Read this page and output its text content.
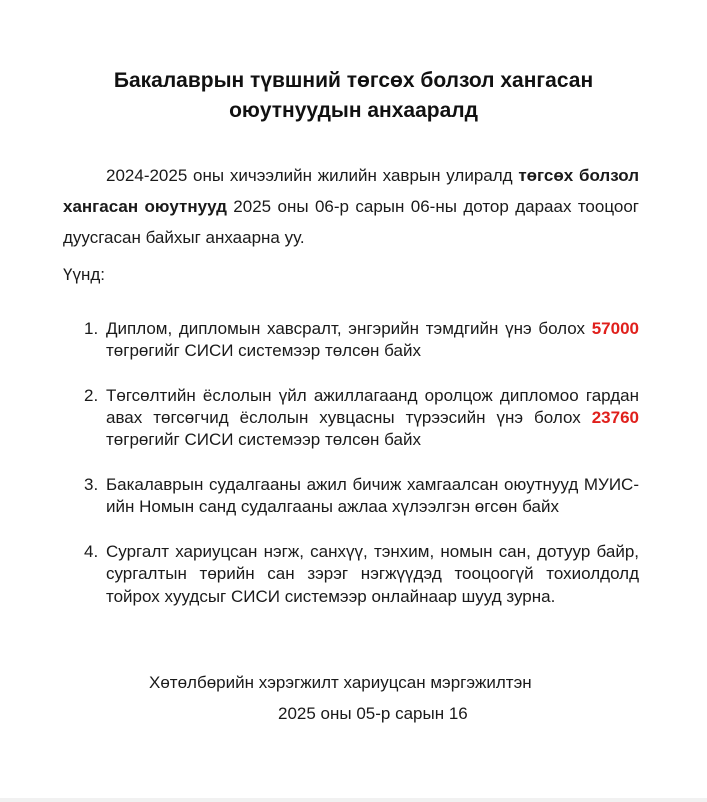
Бакалаврын түвшний төгсөх болзол хангасан
оюутнуудын анхааралд

2024-2025 оны хичээлийн жилийн хаврын улиралд төгсөх болзол хангасан оюутнууд 2025 оны 06-р сарын 06-ны дотор дараах тооцоог дуусгасан байхыг анхаарна уу.

Үүнд:
1. Диплом, дипломын хавсралт, энгэрийн тэмдгийн үнэ болох 57000 төгрөгийг СИСИ системээр төлсөн байх
2. Төгсөлтийн ёслолын үйл ажиллагаанд оролцож дипломоо гардан авах төгсөгчид ёслолын хувцасны түрээсийн үнэ болох 23760 төгрөгийг СИСИ системээр төлсөн байх
3. Бакалаврын судалгааны ажил бичиж хамгаалсан оюутнууд МУИС-ийн Номын санд судалгааны ажлаа хүлээлгэн өгсөн байх
4. Сургалт хариуцсан нэгж, санхүү, тэнхим, номын сан, дотуур байр, сургалтын төрийн сан зэрэг нэгжүүдэд тооцоогүй тохиолдолд тойрох хуудсыг СИСИ системээр онлайнаар шууд зурна.
Хөтөлбөрийн хэрэгжилт хариуцсан мэргэжилтэн
2025 оны 05-р сарын 16
